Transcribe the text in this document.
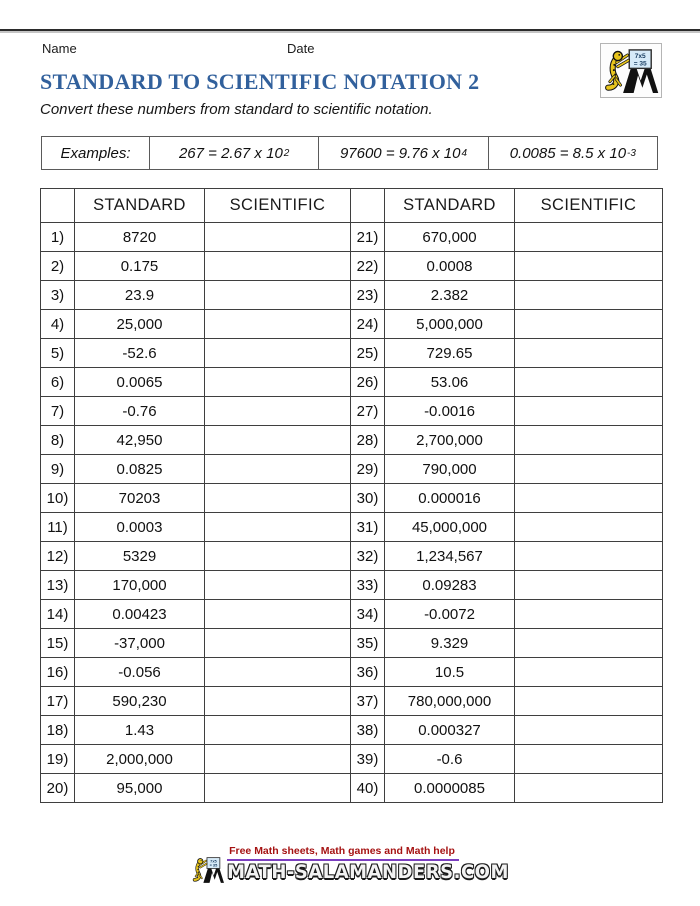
Name	Date
STANDARD TO SCIENTIFIC NOTATION 2
Convert these numbers from standard to scientific notation.
Examples:	267 = 2.67 x 10 2	97600 = 9.76 x 10 4	0.0085 = 8.5 x 10 -3
	STANDARD	SCIENTIFIC		STANDARD	SCIENTIFIC
1)	8720		21)	670,000	
2)	0.175		22)	0.0008	
3)	23.9		23)	2.382	
4)	25,000		24)	5,000,000	
5)	-52.6		25)	729.65	
6)	0.0065		26)	53.06	
7)	-0.76		27)	-0.0016	
8)	42,950		28)	2,700,000	
9)	0.0825		29)	790,000	
10)	70203		30)	0.000016	
11)	0.0003		31)	45,000,000	
12)	5329		32)	1,234,567	
13)	170,000		33)	0.09283	
14)	0.00423		34)	-0.0072	
15)	-37,000		35)	9.329	
16)	-0.056		36)	10.5	
17)	590,230		37)	780,000,000	
18)	1.43		38)	0.000327	
19)	2,000,000		39)	-0.6	
20)	95,000		40)	0.0000085	
Free Math sheets, Math games and Math help
MATH-SALAMANDERS.COM
